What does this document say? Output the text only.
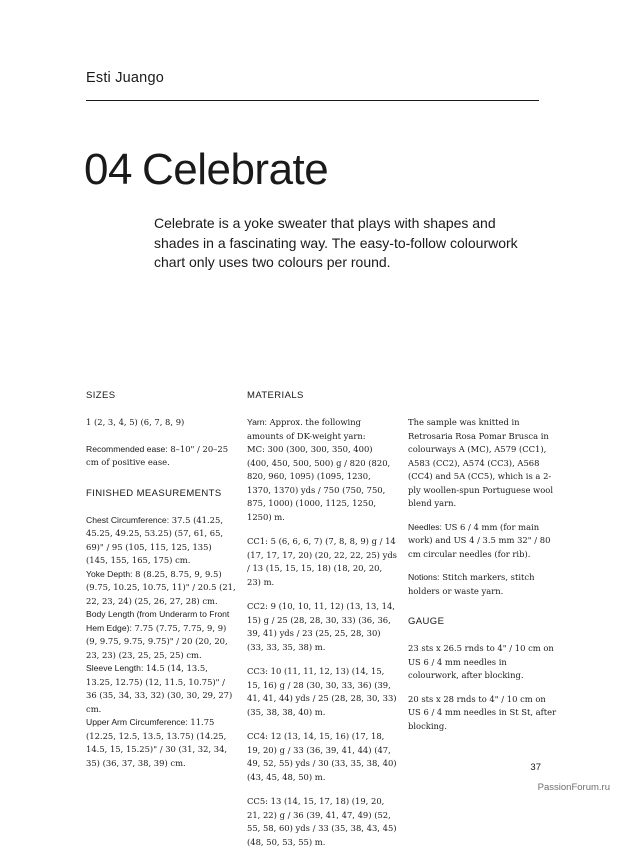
Esti Juango
04 Celebrate
Celebrate is a yoke sweater that plays with shapes and shades in a fascinating way. The easy-to-follow colourwork chart only uses two colours per round.
SIZES

1 (2, 3, 4, 5) (6, 7, 8, 9)

Recommended ease: 8–10" / 20–25 cm of positive ease.

FINISHED MEASUREMENTS

Chest Circumference: 37.5 (41.25, 45.25, 49.25, 53.25) (57, 61, 65, 69)" / 95 (105, 115, 125, 135) (145, 155, 165, 175) cm.

Yoke Depth: 8 (8.25, 8.75, 9, 9.5) (9.75, 10.25, 10.75, 11)" / 20.5 (21, 22, 23, 24) (25, 26, 27, 28) cm.

Body Length (from Underarm to Front Hem Edge): 7.75 (7.75, 7.75, 9, 9) (9, 9.75, 9.75, 9.75)" / 20 (20, 20, 23, 23) (23, 25, 25, 25) cm.

Sleeve Length: 14.5 (14, 13.5, 13.25, 12.75) (12, 11.5, 10.75)" / 36 (35, 34, 33, 32) (30, 30, 29, 27) cm.

Upper Arm Circumference: 11.75 (12.25, 12.5, 13.5, 13.75) (14.25, 14.5, 15, 15.25)" / 30 (31, 32, 34, 35) (36, 37, 38, 39) cm.

MATERIALS

Yarn: Approx. the following amounts of DK-weight yarn:

MC: 300 (300, 300, 350, 400) (400, 450, 500, 500) g / 820 (820, 820, 960, 1095) (1095, 1230, 1370, 1370) yds / 750 (750, 750, 875, 1000) (1000, 1125, 1250, 1250) m.

CC1: 5 (6, 6, 6, 7) (7, 8, 8, 9) g / 14 (17, 17, 17, 20) (20, 22, 22, 25) yds / 13 (15, 15, 15, 18) (18, 20, 20, 23) m.

CC2: 9 (10, 10, 11, 12) (13, 13, 14, 15) g / 25 (28, 28, 30, 33) (36, 36, 39, 41) yds / 23 (25, 25, 28, 30) (33, 33, 35, 38) m.

CC3: 10 (11, 11, 12, 13) (14, 15, 15, 16) g / 28 (30, 30, 33, 36) (39, 41, 41, 44) yds / 25 (28, 28, 30, 33) (35, 38, 38, 40) m.

CC4: 12 (13, 14, 15, 16) (17, 18, 19, 20) g / 33 (36, 39, 41, 44) (47, 49, 52, 55) yds / 30 (33, 35, 38, 40) (43, 45, 48, 50) m.

CC5: 13 (14, 15, 17, 18) (19, 20, 21, 22) g / 36 (39, 41, 47, 49) (52, 55, 58, 60) yds / 33 (35, 38, 43, 45) (48, 50, 53, 55) m.

The sample was knitted in Retrosaria Rosa Pomar Brusca in colourways A (MC), A579 (CC1), A583 (CC2), A574 (CC3), A568 (CC4) and 5A (CC5), which is a 2-ply woollen-spun Portuguese wool blend yarn.

Needles: US 6 / 4 mm (for main work) and US 4 / 3.5 mm 32" / 80 cm circular needles (for rib).

Notions: Stitch markers, stitch holders or waste yarn.

GAUGE

23 sts x 26.5 rnds to 4" / 10 cm on US 6 / 4 mm needles in colourwork, after blocking.

20 sts x 28 rnds to 4" / 10 cm on US 6 / 4 mm needles in St St, after blocking.

37
PassionForum.ru
